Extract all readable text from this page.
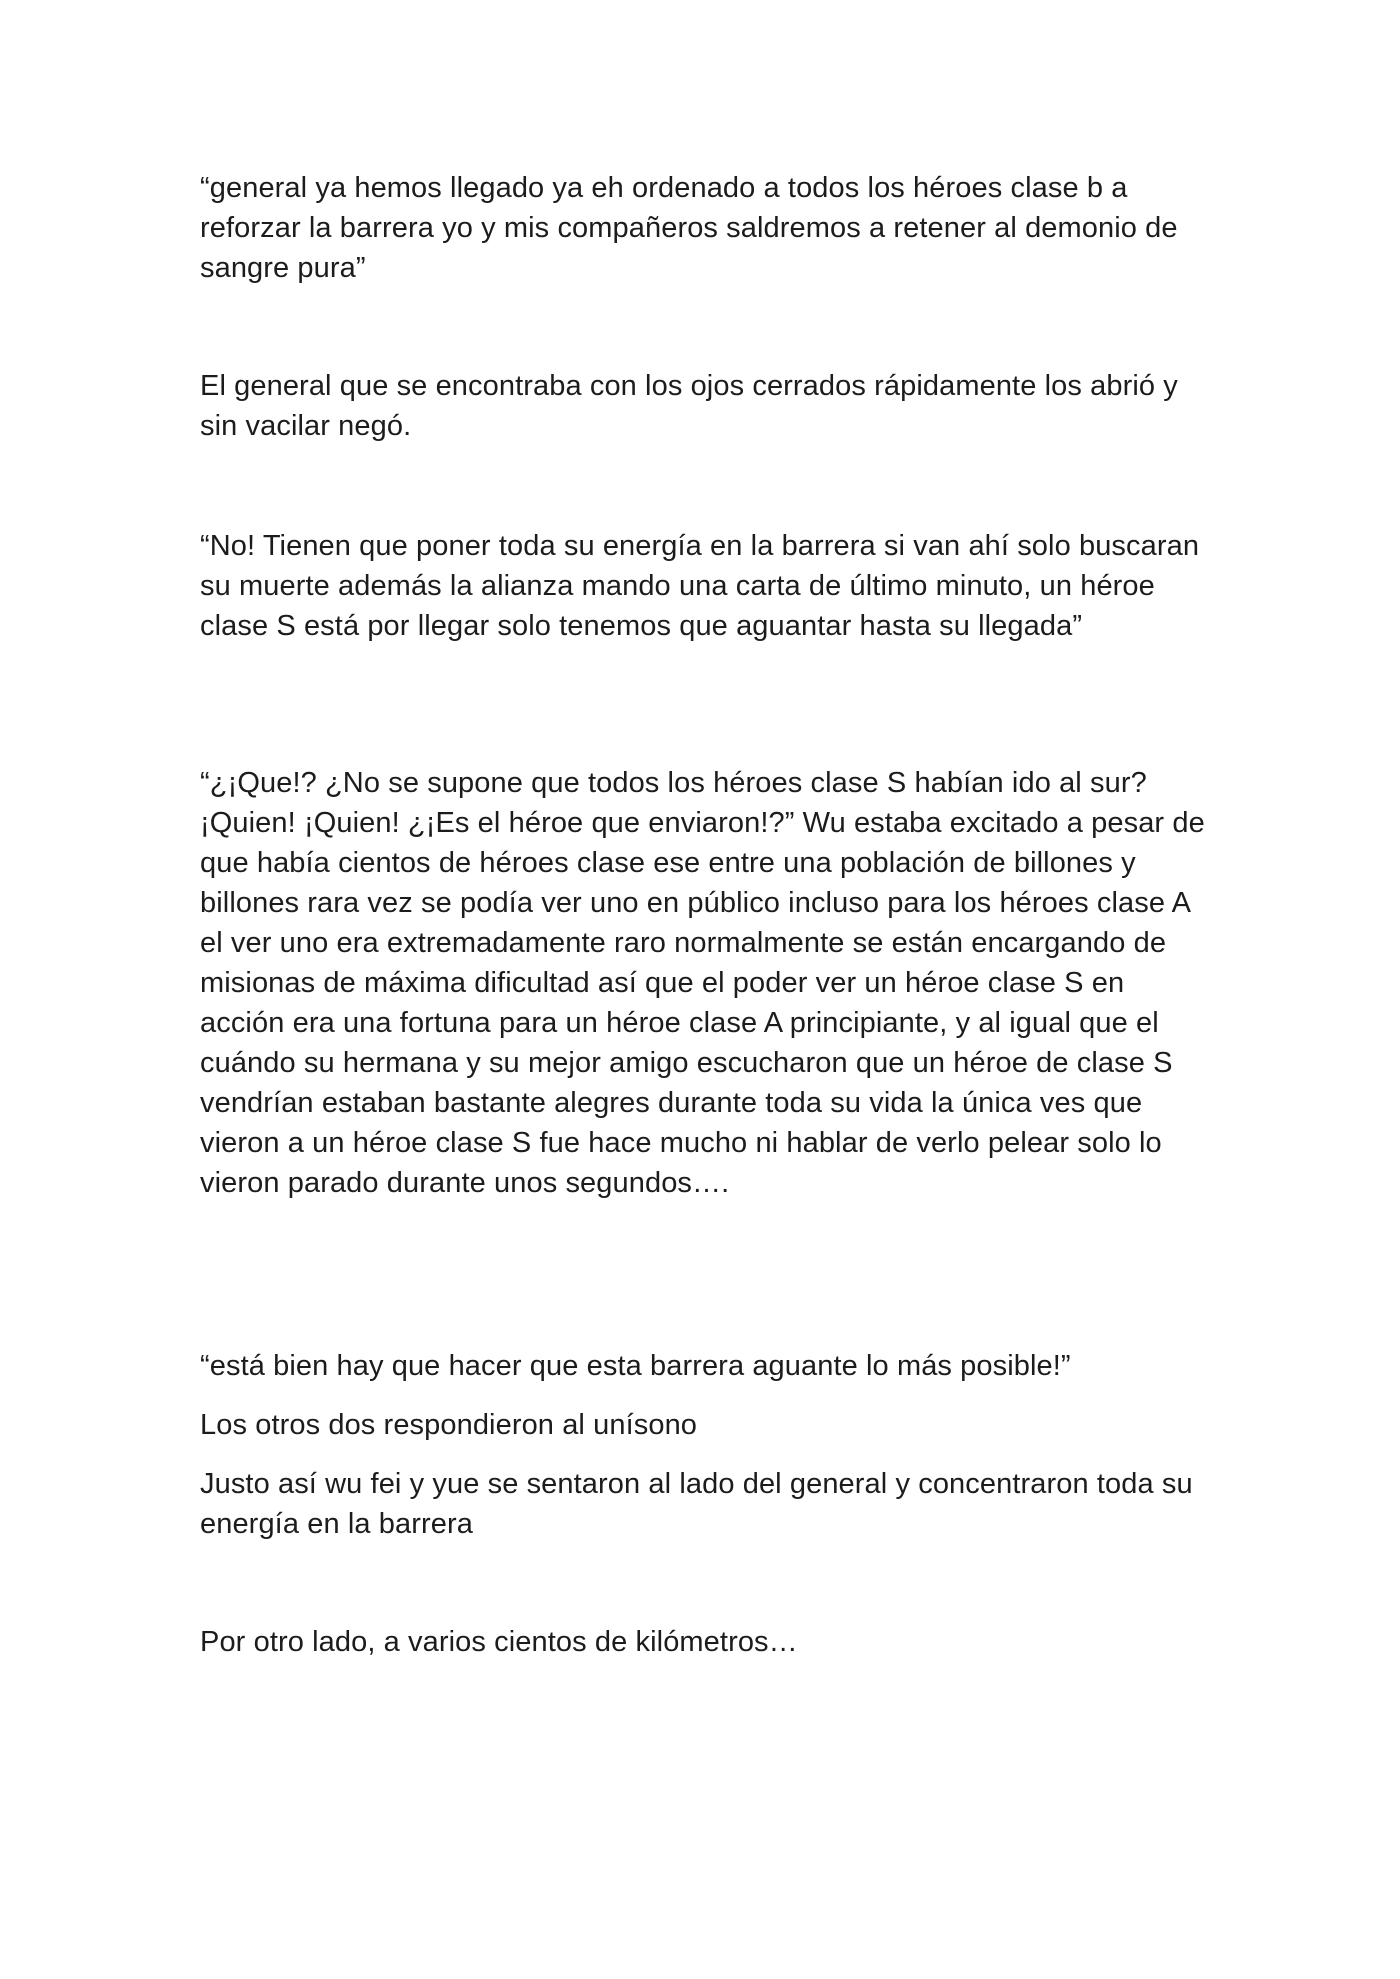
“general ya hemos llegado ya eh ordenado a todos los héroes clase b a reforzar la barrera yo y mis compañeros saldremos a retener al demonio de sangre pura”

El general que se encontraba con los ojos cerrados rápidamente los abrió y sin vacilar negó.

“No! Tienen que poner toda su energía en la barrera si van ahí solo buscaran su muerte además la alianza mando una carta de último minuto, un héroe clase S está por llegar solo tenemos que aguantar hasta su llegada”

“¿¡Que!? ¿No se supone que todos los héroes clase S habían ido al sur? ¡Quien! ¡Quien! ¿¡Es el héroe que enviaron!?” Wu estaba excitado a pesar de que había cientos de héroes clase ese entre una población de billones y billones rara vez se podía ver uno en público incluso para los héroes clase A el ver uno era extremadamente raro normalmente se están encargando de misionas de máxima dificultad así que el poder ver un héroe clase S en acción era una fortuna para un héroe clase A principiante, y al igual que el cuándo su hermana y su mejor amigo escucharon que un héroe de clase S vendrían estaban bastante alegres durante toda su vida la única ves que vieron a un héroe clase S fue hace mucho ni hablar de verlo pelear solo lo vieron parado durante unos segundos….

“está bien hay que hacer que esta barrera aguante lo más posible!”

Los otros dos respondieron al unísono

Justo así wu fei y yue se sentaron al lado del general y concentraron toda su energía en la barrera

Por otro lado, a varios cientos de kilómetros…
